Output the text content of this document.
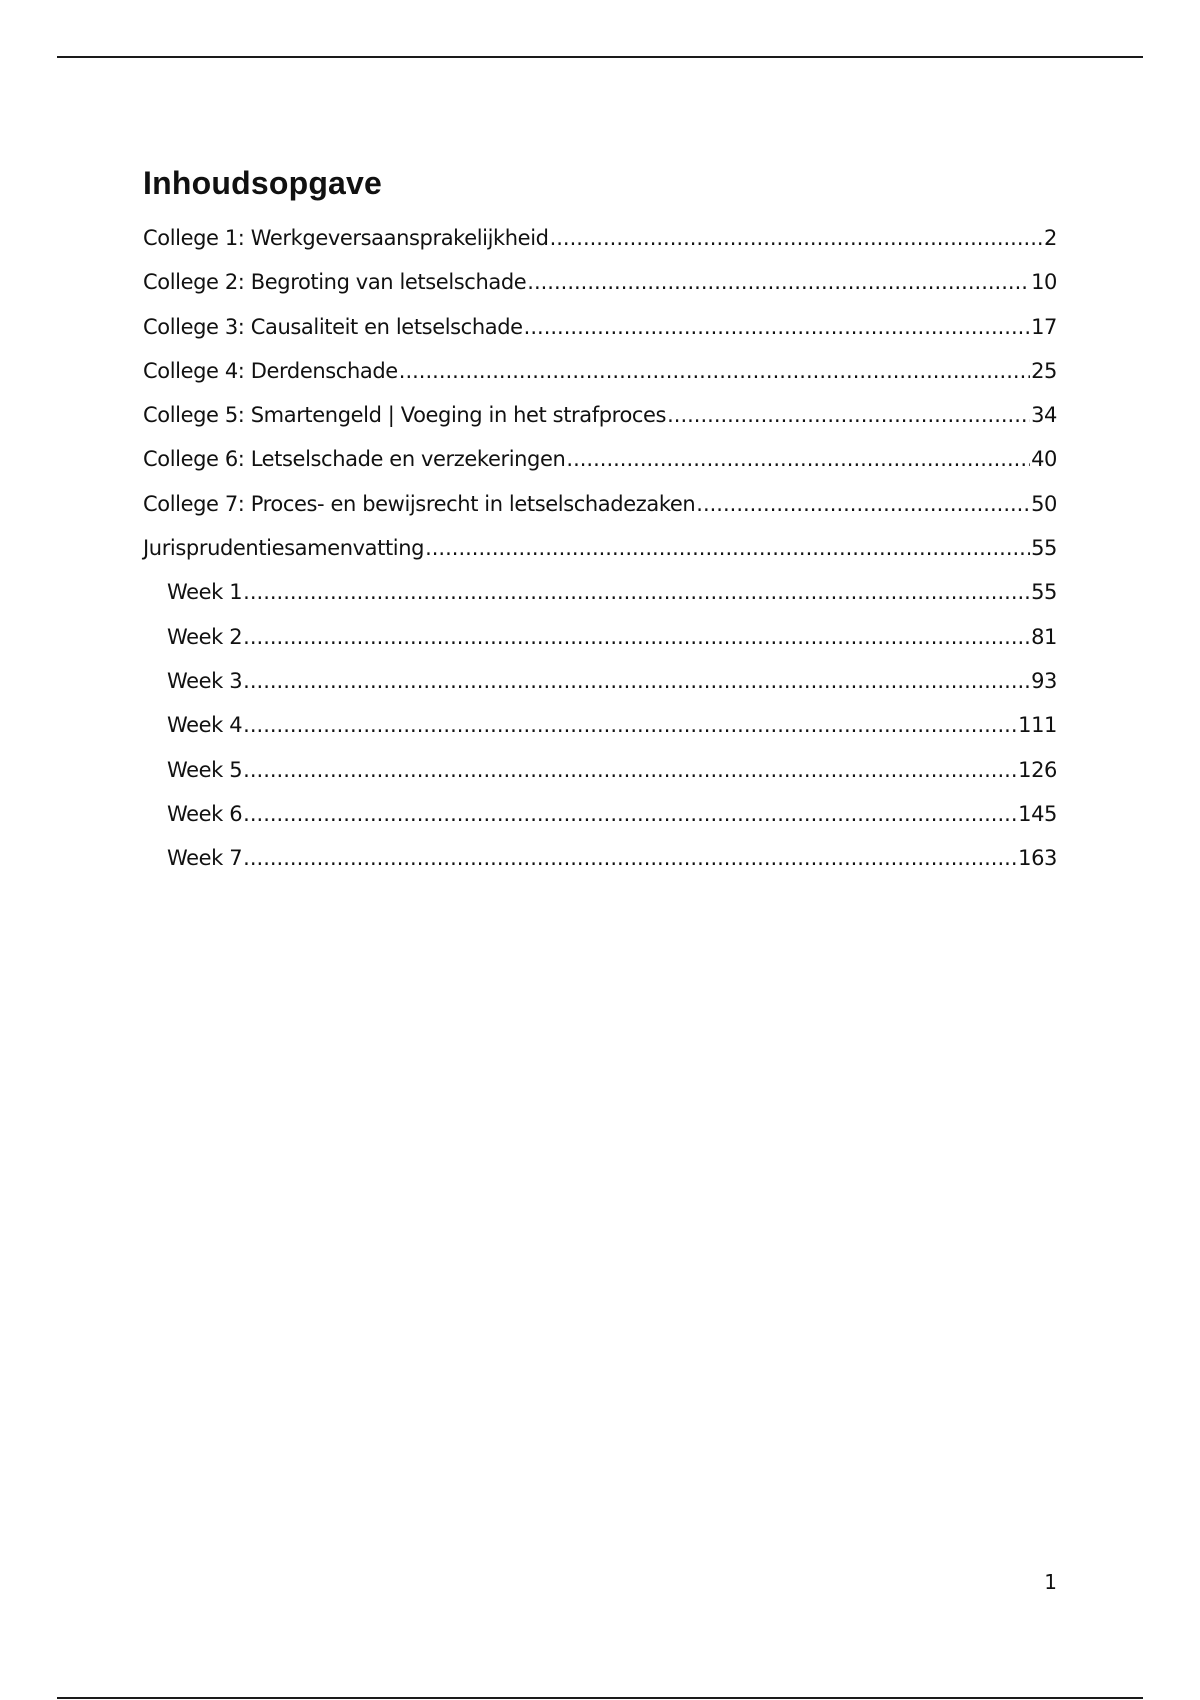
Inhoudsopgave
College 1: Werkgeversaansprakelijkheid .....	2
College 2: Begroting van letselschade .....	10
College 3: Causaliteit en letselschade .....	17
College 4: Derdenschade .....	25
College 5: Smartengeld | Voeging in het strafproces .....	34
College 6: Letselschade en verzekeringen .....	40
College 7: Proces- en bewijsrecht in letselschadezaken .....	50
Jurisprudentiesamenvatting .....	55
Week 1 .....	55
Week 2 .....	81
Week 3 .....	93
Week 4 .....	111
Week 5 .....	126
Week 6 .....	145
Week 7 .....	163
1
